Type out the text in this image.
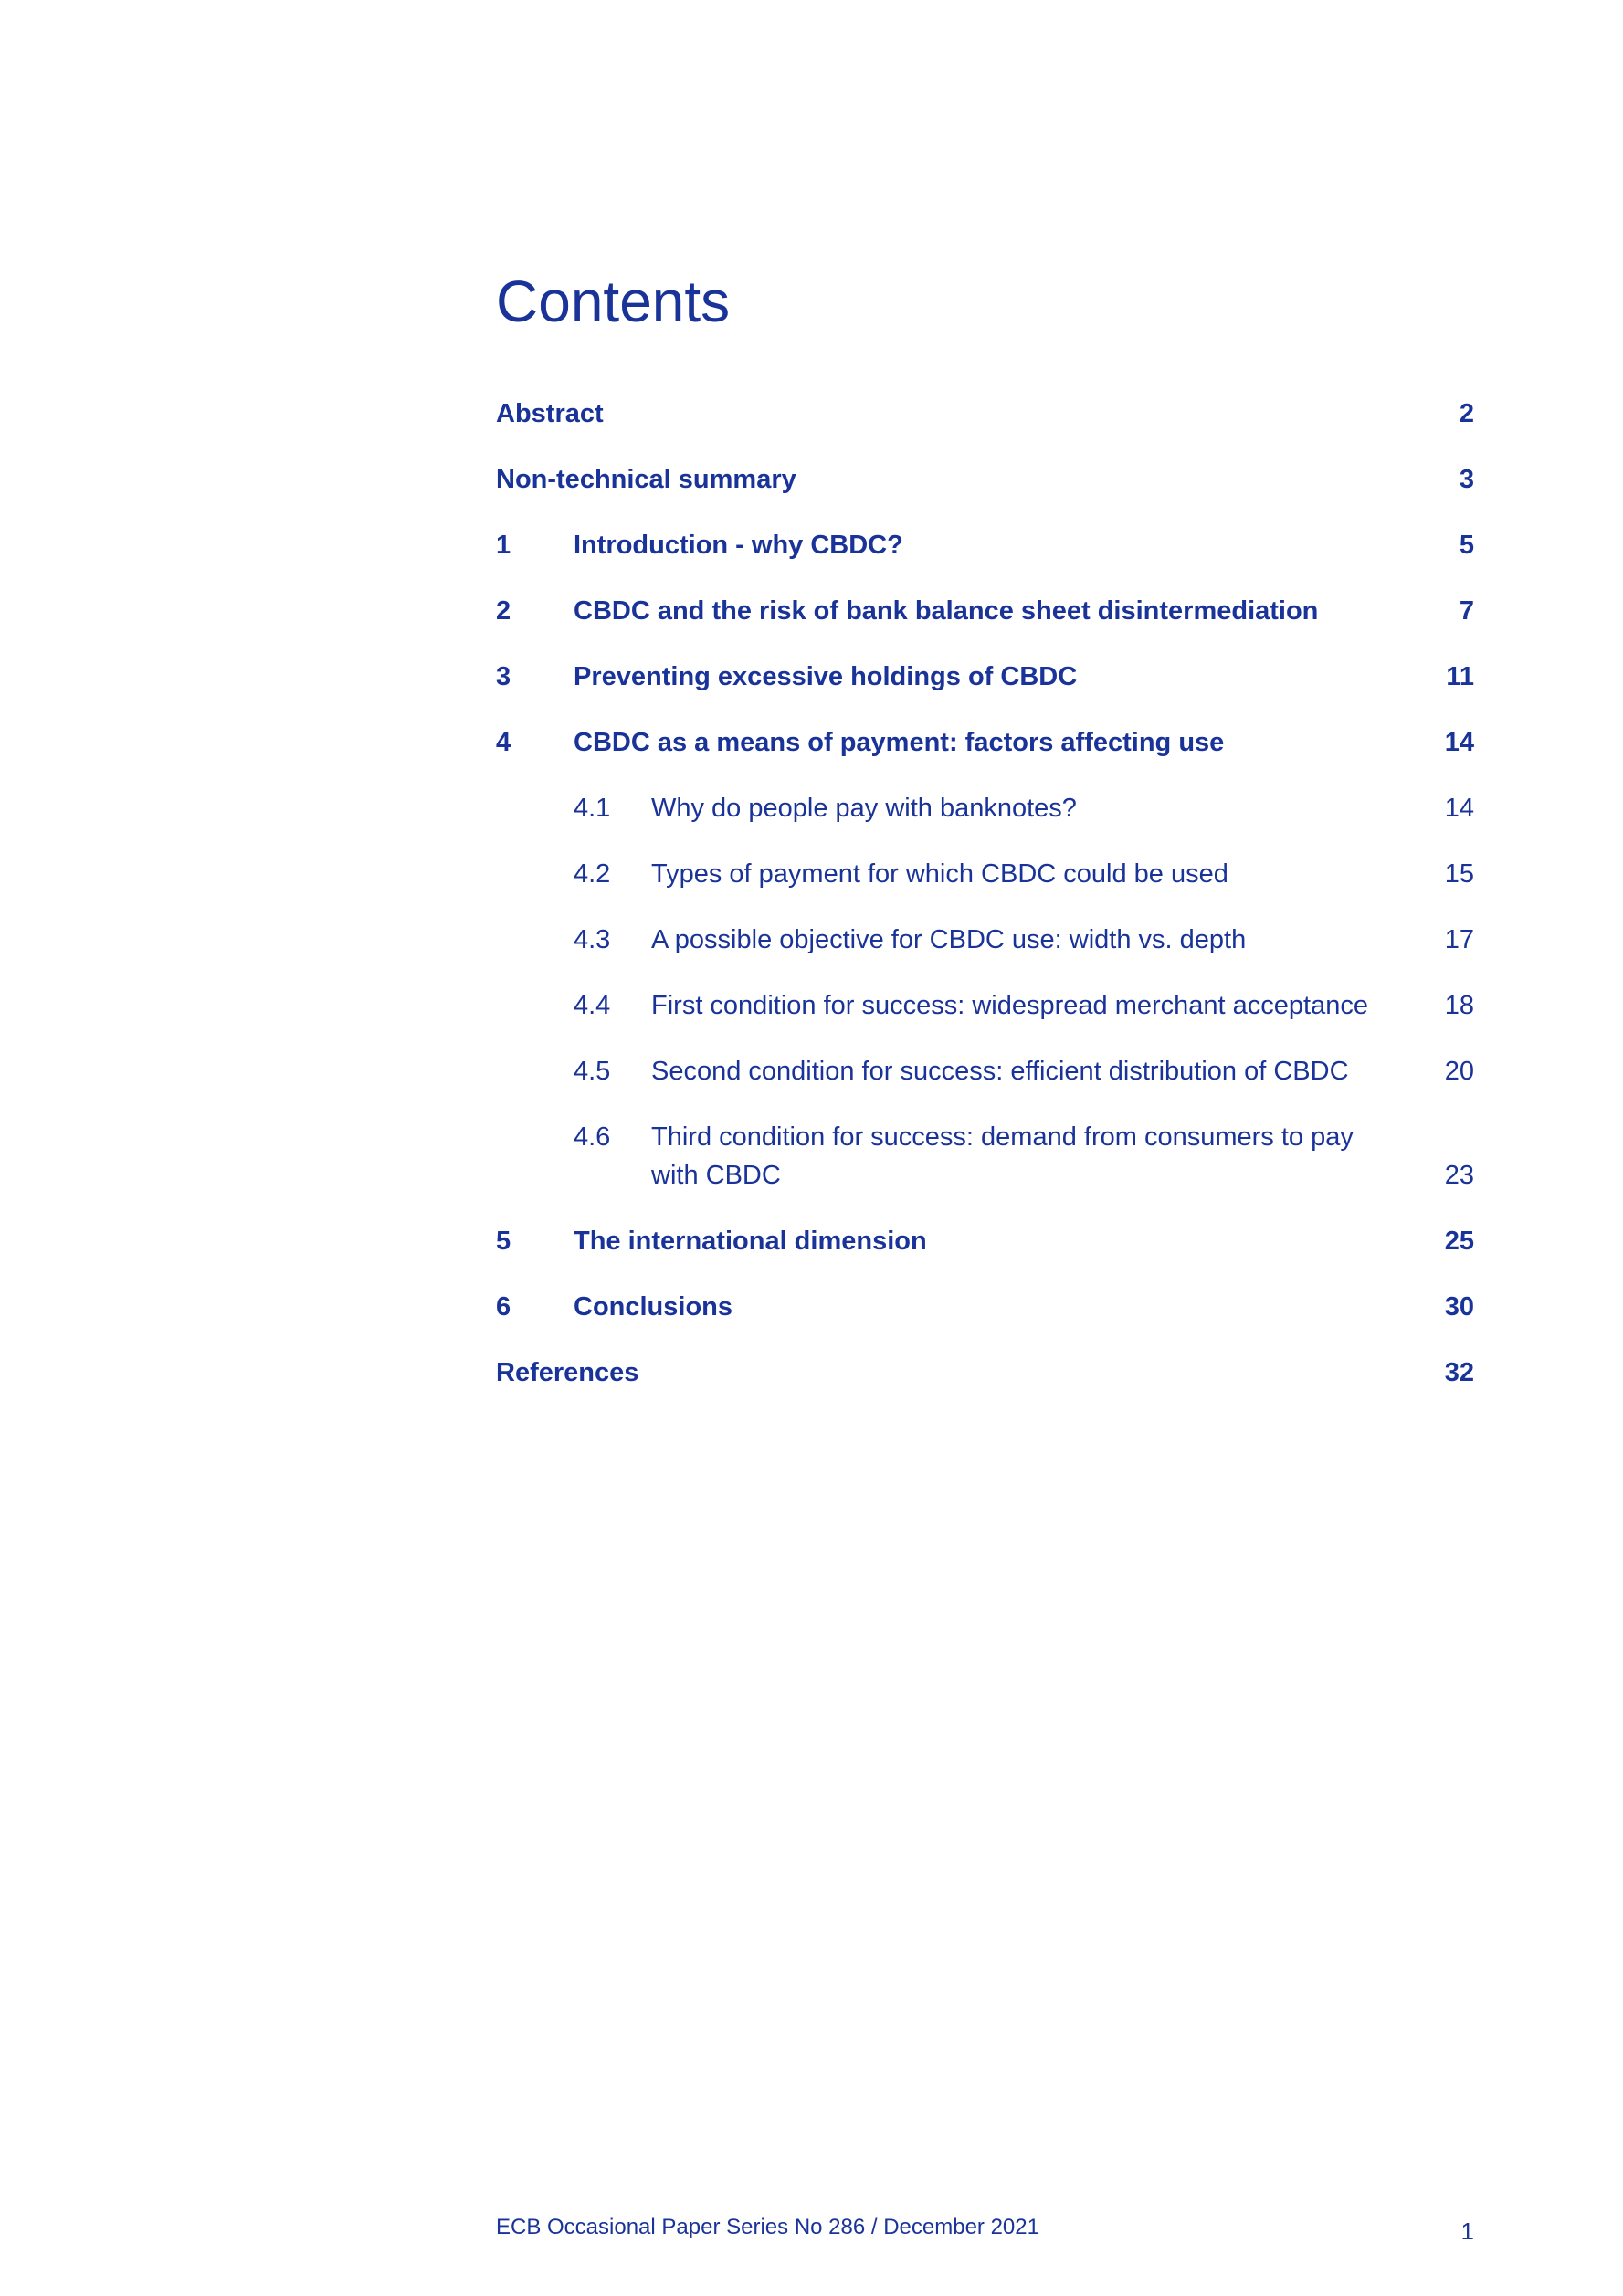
Contents
Abstract	2
Non-technical summary	3
1 Introduction - why CBDC?	5
2 CBDC and the risk of bank balance sheet disintermediation	7
3 Preventing excessive holdings of CBDC	11
4 CBDC as a means of payment: factors affecting use	14
4.1 Why do people pay with banknotes?	14
4.2 Types of payment for which CBDC could be used	15
4.3 A possible objective for CBDC use: width vs. depth	17
4.4 First condition for success: widespread merchant acceptance	18
4.5 Second condition for success: efficient distribution of CBDC	20
4.6 Third condition for success: demand from consumers to pay with CBDC	23
5 The international dimension	25
6 Conclusions	30
References	32
ECB Occasional Paper Series No 286 / December 2021	1
